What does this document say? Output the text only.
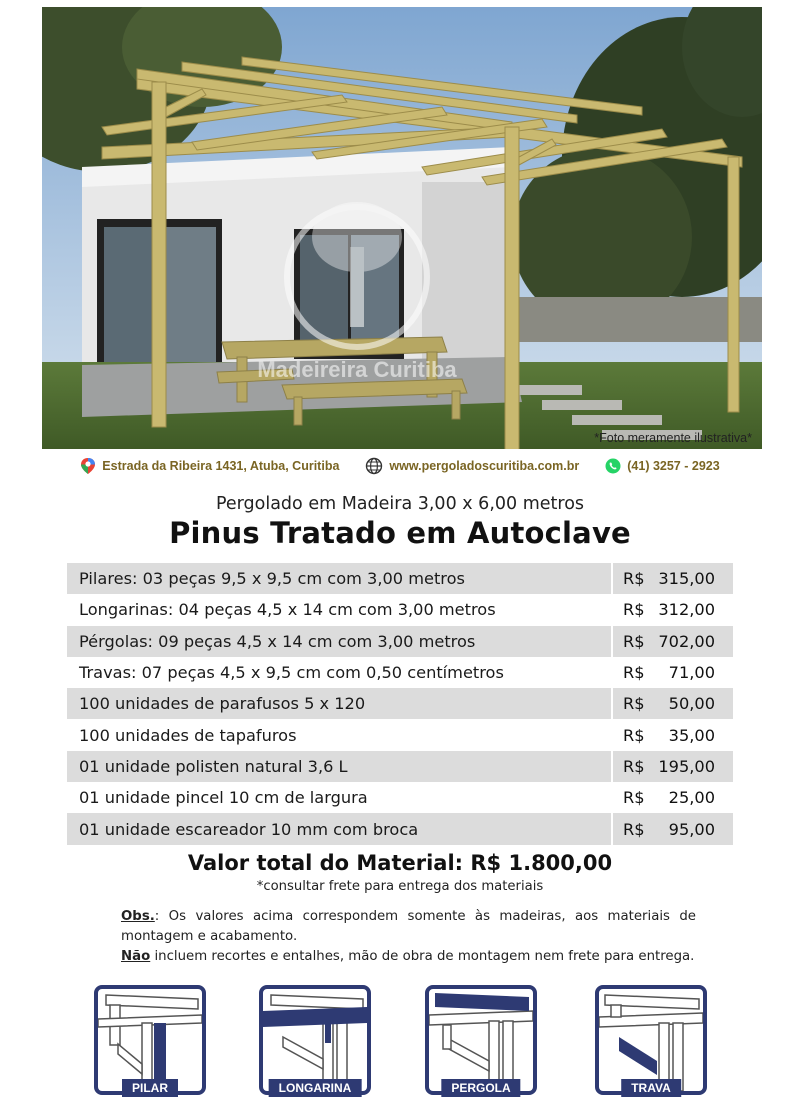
Madeireira Curitiba
*Foto meramente ilustrativa*
Estrada da Ribeira 1431, Atuba, Curitiba	www.pergoladoscuritiba.com.br	(41) 3257 - 2923
Pergolado em Madeira 3,00 x 6,00 metros
Pinus Tratado em Autoclave
Pilares: 03 peças 9,5 x 9,5 cm com 3,00 metros	R$ 315,00
Longarinas: 04 peças 4,5 x 14 cm com 3,00 metros	R$ 312,00
Pérgolas: 09 peças 4,5 x 14 cm com 3,00 metros	R$ 702,00
Travas: 07 peças 4,5 x 9,5 cm com 0,50 centímetros	R$	71,00
100 unidades de parafusos 5 x 120	R$	50,00
100 unidades de tapafuros	R$	35,00
01 unidade polisten natural 3,6 L	R$ 195,00
01 unidade pincel 10 cm de largura	R$	25,00
01 unidade escareador 10 mm com broca	R$	95,00
Valor total do Material: R$ 1.800,00
*consultar frete para entrega dos materiais
Obs.: Os valores acima correspondem somente às madeiras, aos materiais de montagem e acabamento.
Não incluem recortes e entalhes, mão de obra de montagem nem frete para entrega.
PILAR	LONGARINA	PERGOLA	TRAVA
